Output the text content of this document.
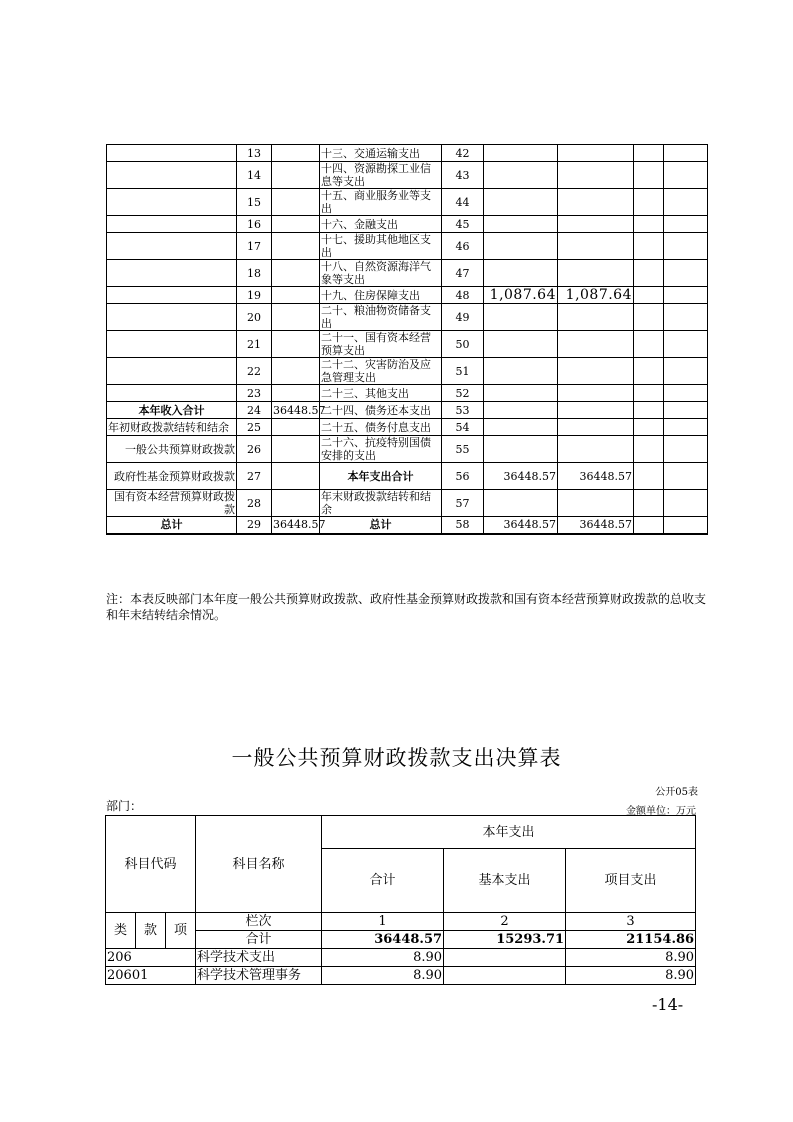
	13		十三、交通运输支出	42				
	14		十四、资源勘探工业信息等支出	43				
	15		十五、商业服务业等支出	44				
	16		十六、金融支出	45				
	17		十七、援助其他地区支出	46				
	18		十八、自然资源海洋气象等支出	47				
	19		十九、住房保障支出	48	1,087.64	1,087.64		
	20		二十、粮油物资储备支出	49				
	21		二十一、国有资本经营预算支出	50				
	22		二十二、灾害防治及应急管理支出	51				
	23		二十三、其他支出	52				
本年收入合计	24	36448.57	二十四、债务还本支出	53				
年初财政拨款结转和结余	25		二十五、债务付息支出	54				
一般公共预算财政拨款	26		二十六、抗疫特别国债安排的支出	55				
政府性基金预算财政拨款	27		本年支出合计	56	36448.57	36448.57		
国有资本经营预算财政拨款	28		年末财政拨款结转和结余	57				
总计	29	36448.57	总计	58	36448.57	36448.57		
注：本表反映部门本年度一般公共预算财政拨款、政府性基金预算财政拨款和国有资本经营预算财政拨款的总收支和年末结转结余情况。
一般公共预算财政拨款支出决算表
公开05表
部门：	金额单位：万元
科目代码			科目名称	本年支出		
				合计	基本支出	项目支出
类	款	项	栏次	1	2	3
			合计	36448.57	15293.71	21154.86
206			科学技术支出	8.90		8.90
20601			科学技术管理事务	8.90		8.90
-14-
